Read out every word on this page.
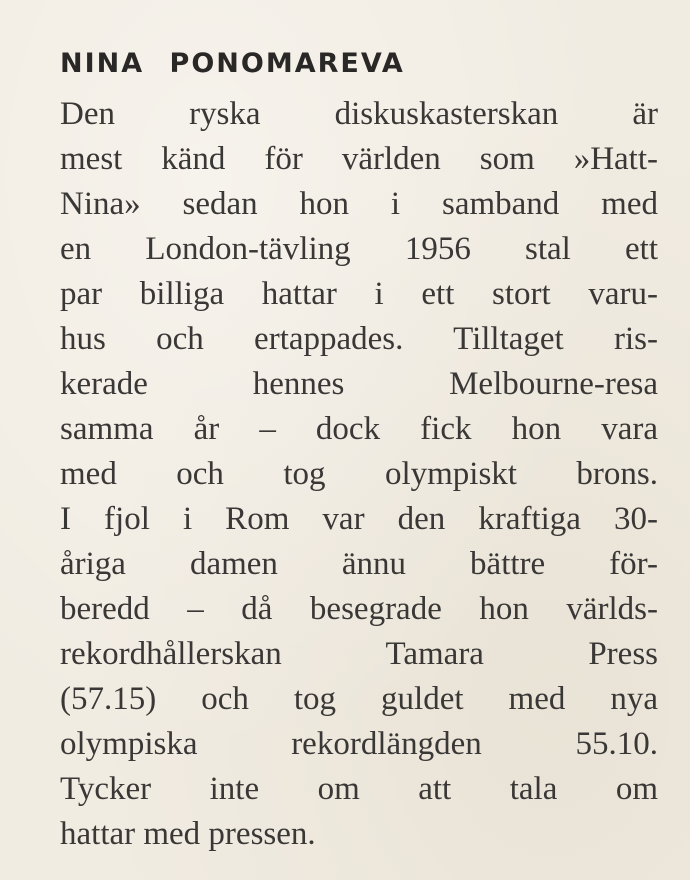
NINA PONOMAREVA
Den ryska diskuskasterskan är
mest känd för världen som »Hatt-
Nina» sedan hon i samband med
en London-tävling 1956 stal ett
par billiga hattar i ett stort varu-
hus och ertappades. Tilltaget ris-
kerade hennes Melbourne-resa
samma år – dock fick hon vara
med och tog olympiskt brons.
I fjol i Rom var den kraftiga 30-
åriga damen ännu bättre för-
beredd – då besegrade hon världs-
rekordhållerskan Tamara Press
(57.15) och tog guldet med nya
olympiska rekordlängden 55.10.
Tycker inte om att tala om
hattar med pressen.
